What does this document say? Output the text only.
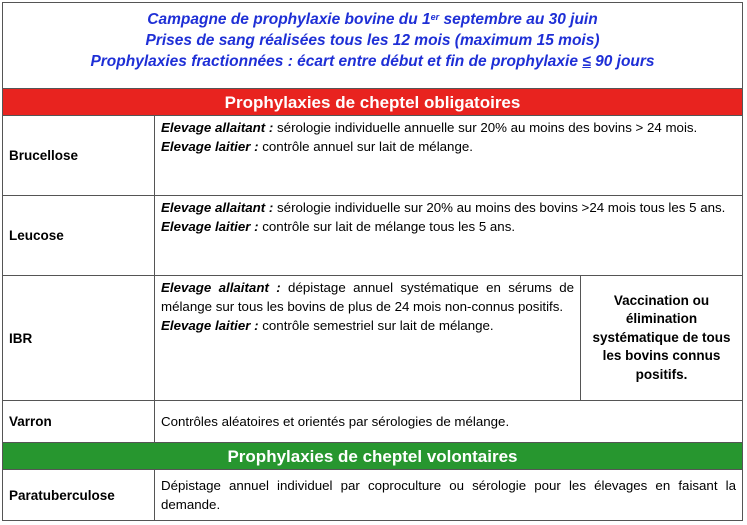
Campagne de prophylaxie bovine du 1er septembre au 30 juin
Prises de sang réalisées tous les 12 mois (maximum 15 mois)
Prophylaxies fractionnées : écart entre début et fin de prophylaxie ≤ 90 jours
Prophylaxies de cheptel obligatoires
Brucellose

Elevage allaitant : sérologie individuelle annuelle sur 20% au moins des bovins > 24 mois.

Elevage laitier : contrôle annuel sur lait de mélange.

Leucose

Elevage allaitant : sérologie individuelle sur 20% au moins des bovins >24 mois tous les 5 ans.

Elevage laitier : contrôle sur lait de mélange tous les 5 ans.

IBR

Elevage allaitant : dépistage annuel systématique en sérums de mélange sur tous les bovins de plus de 24 mois non-connus positifs.

Elevage laitier : contrôle semestriel sur lait de mélange.

Vaccination ou élimination systématique de tous les bovins connus positifs.
Varron	Contrôles aléatoires et orientés par sérologies de mélange.
Prophylaxies de cheptel volontaires
Paratuberculose
Dépistage annuel individuel par coproculture ou sérologie pour les élevages en faisant la demande.
